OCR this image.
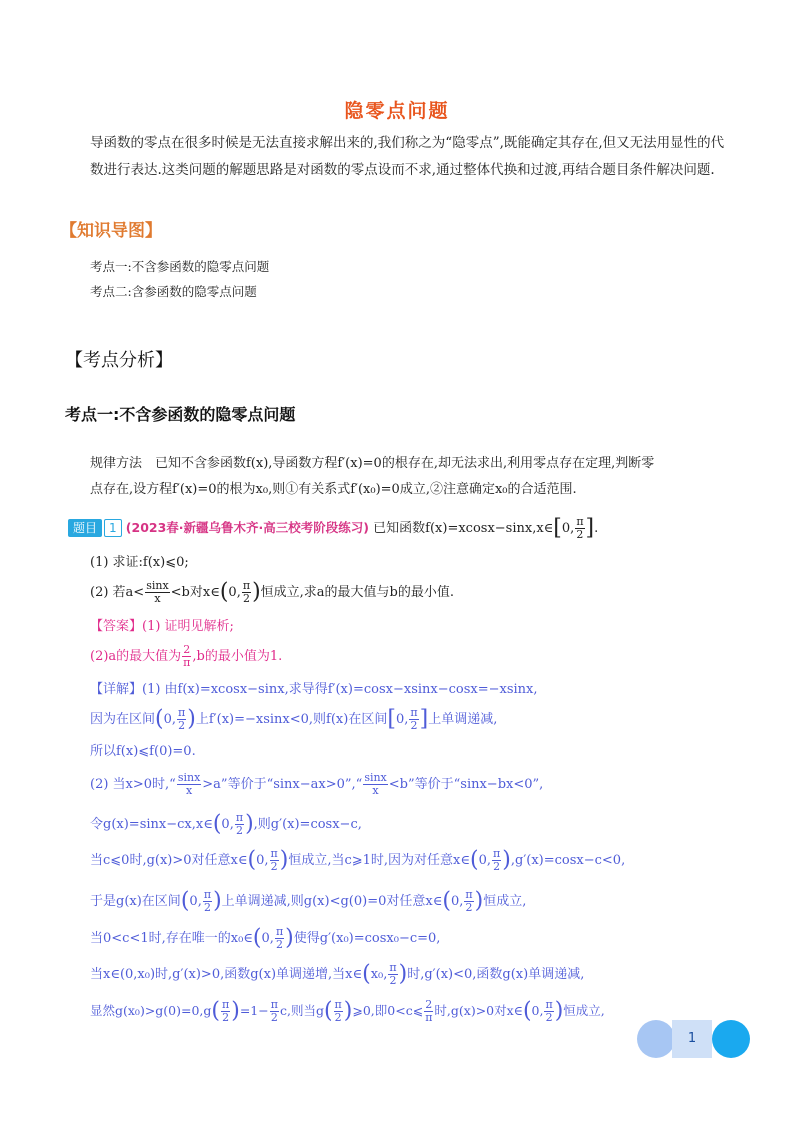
隐零点问题
导函数的零点在很多时候是无法直接求解出来的,我们称之为“隐零点”,既能确定其存在,但又无法用显性的代数进行表达.这类问题的解题思路是对函数的零点设而不求,通过整体代换和过渡,再结合题目条件解决问题.
【知识导图】
考点一:不含参函数的隐零点问题
考点二:含参函数的隐零点问题
【考点分析】
考点一:不含参函数的隐零点问题
规律方法　已知不含参函数f(x),导函数方程f′(x)=0的根存在,却无法求出,利用零点存在定理,判断零
点存在,设方程f′(x)=0的根为x₀,则①有关系式f′(x₀)=0成立,②注意确定x₀的合适范围.
题目 1 (2023春·新疆乌鲁木齐·高三校考阶段练习) 已知函数f(x)=xcosx−sinx,x∈[0, $\frac{\pi}{2}$ ].
(1) 求证:f(x)⩽0;
(2) 若$a< \frac{\sin x}{x} <b$对x∈(0, $\frac{\pi}{2}$ )恒成立,求a的最大值与b的最小值.
【答案】(1) 证明见解析;
(2)a的最大值为 $\frac{2}{\pi} ,b$的最小值为1.
【详解】(1) 由f(x)=xcosx−sinx,求导得f′(x)=cosx−xsinx−cosx=−xsinx,
因为在区间(0, $\frac{\pi}{2}$ )上f′(x)=−xsinx<0,则f(x)在区间[0, $\frac{\pi}{2}$ ]上单调递减,
所以f(x)⩽f(0)=0.
(2) 当x>0时,“ $\frac{\sin x}{x} >a$”等价于“sinx−ax>0”,“ $\frac{\sin x}{x} <b$”等价于“sinx−bx<0”,
令g(x)=sinx−cx,x∈(0, $\frac{\pi}{2}$ ),则g′(x)=cosx−c,
当c⩽0时,g(x)>0对任意x∈(0, $\frac{\pi}{2}$ )恒成立,当c⩾1时,因为对任意x∈(0, $\frac{\pi}{2} ),g'(x)=\cos x-c<0$,
于是g(x)在区间(0, $\frac{\pi}{2}$ )上单调递减,则g(x)<g(0)=0对任意x∈(0, $\frac{\pi}{2}$ )恒成立,
当0<c<1时,存在唯一的x₀∈(0, $\frac{\pi}{2}$ )使得g′(x₀)=cosx₀−c=0,
当x∈(0,x₀)时,g′(x)>0,函数g(x)单调递增,当x∈(x₀, $\frac{\pi}{2}$ )时,g′(x)<0,函数g(x)单调递减,
显然$g(x_0)>g(0)=0,g( \frac{\pi}{2} )=1- \frac{\pi}{2} c$,则当$g( \frac{\pi}{2}$ )⩾0,即0<c⩽ $\frac{2}{\pi}$ 时,g(x)>0对x∈(0, $\frac{\pi}{2}$ )恒成立,
1
